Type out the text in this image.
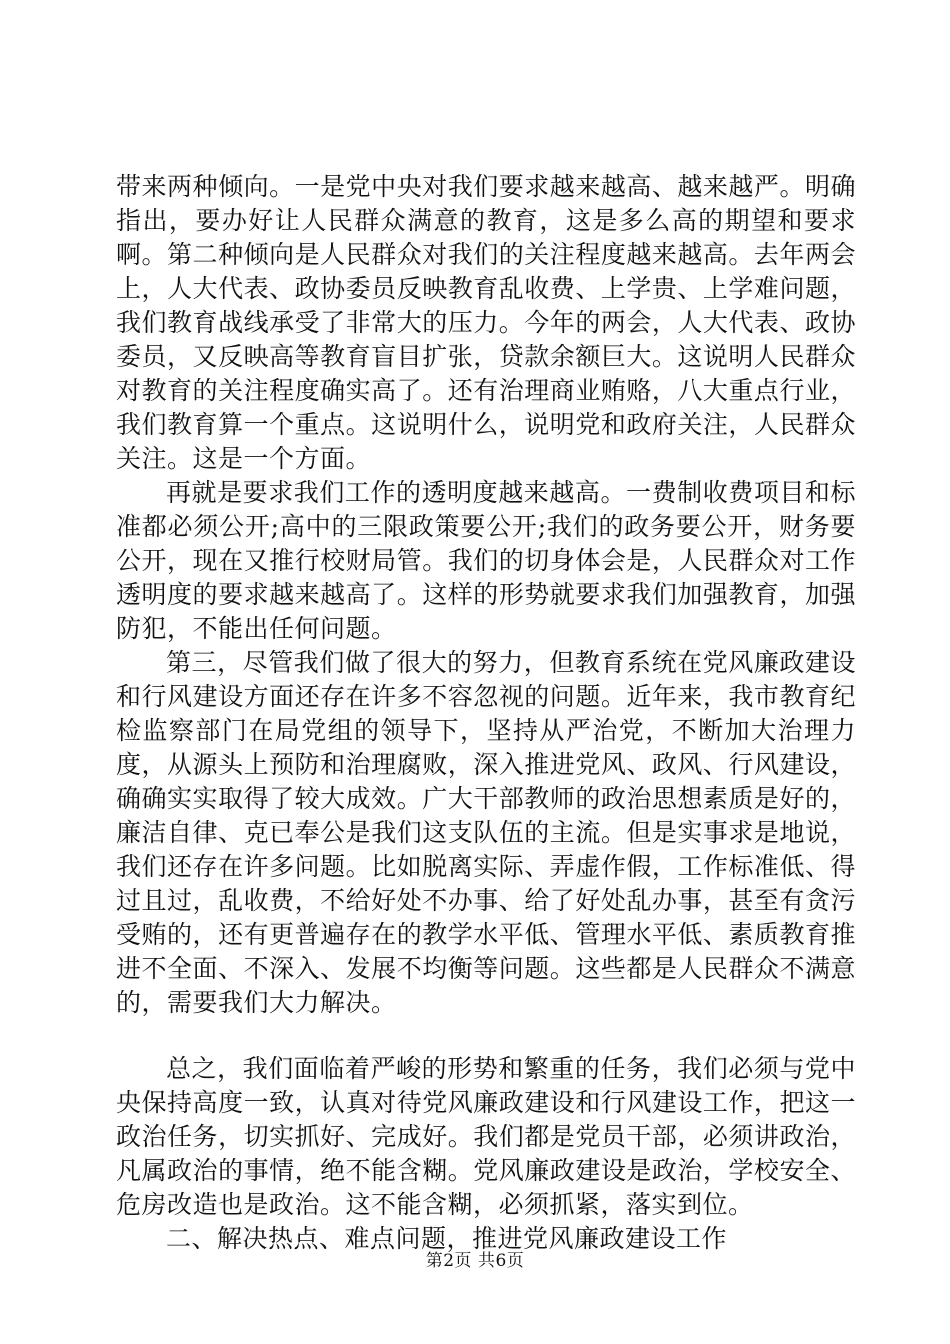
带来两种倾向。一是党中央对我们要求越来越高、越来越严。明确指出，要办好让人民群众满意的教育，这是多么高的期望和要求啊。第二种倾向是人民群众对我们的关注程度越来越高。去年两会上，人大代表、政协委员反映教育乱收费、上学贵、上学难问题，我们教育战线承受了非常大的压力。今年的两会，人大代表、政协委员，又反映高等教育盲目扩张，贷款余额巨大。这说明人民群众对教育的关注程度确实高了。还有治理商业贿赂，八大重点行业，我们教育算一个重点。这说明什么，说明党和政府关注，人民群众关注。这是一个方面。

再就是要求我们工作的透明度越来越高。一费制收费项目和标准都必须公开;高中的三限政策要公开;我们的政务要公开，财务要公开，现在又推行校财局管。我们的切身体会是，人民群众对工作透明度的要求越来越高了。这样的形势就要求我们加强教育，加强防犯，不能出任何问题。

第三，尽管我们做了很大的努力，但教育系统在党风廉政建设和行风建设方面还存在许多不容忽视的问题。近年来，我市教育纪检监察部门在局党组的领导下，坚持从严治党，不断加大治理力度，从源头上预防和治理腐败，深入推进党风、政风、行风建设，确确实实取得了较大成效。广大干部教师的政治思想素质是好的，廉洁自律、克已奉公是我们这支队伍的主流。但是实事求是地说，我们还存在许多问题。比如脱离实际、弄虚作假，工作标准低、得过且过，乱收费，不给好处不办事、给了好处乱办事，甚至有贪污受贿的，还有更普遍存在的教学水平低、管理水平低、素质教育推进不全面、不深入、发展不均衡等问题。这些都是人民群众不满意的，需要我们大力解决。

总之，我们面临着严峻的形势和繁重的任务，我们必须与党中央保持高度一致，认真对待党风廉政建设和行风建设工作，把这一政治任务，切实抓好、完成好。我们都是党员干部，必须讲政治，凡属政治的事情，绝不能含糊。党风廉政建设是政治，学校安全、危房改造也是政治。这不能含糊，必须抓紧，落实到位。

二、解决热点、难点问题，推进党风廉政建设工作

第2页 共6页
